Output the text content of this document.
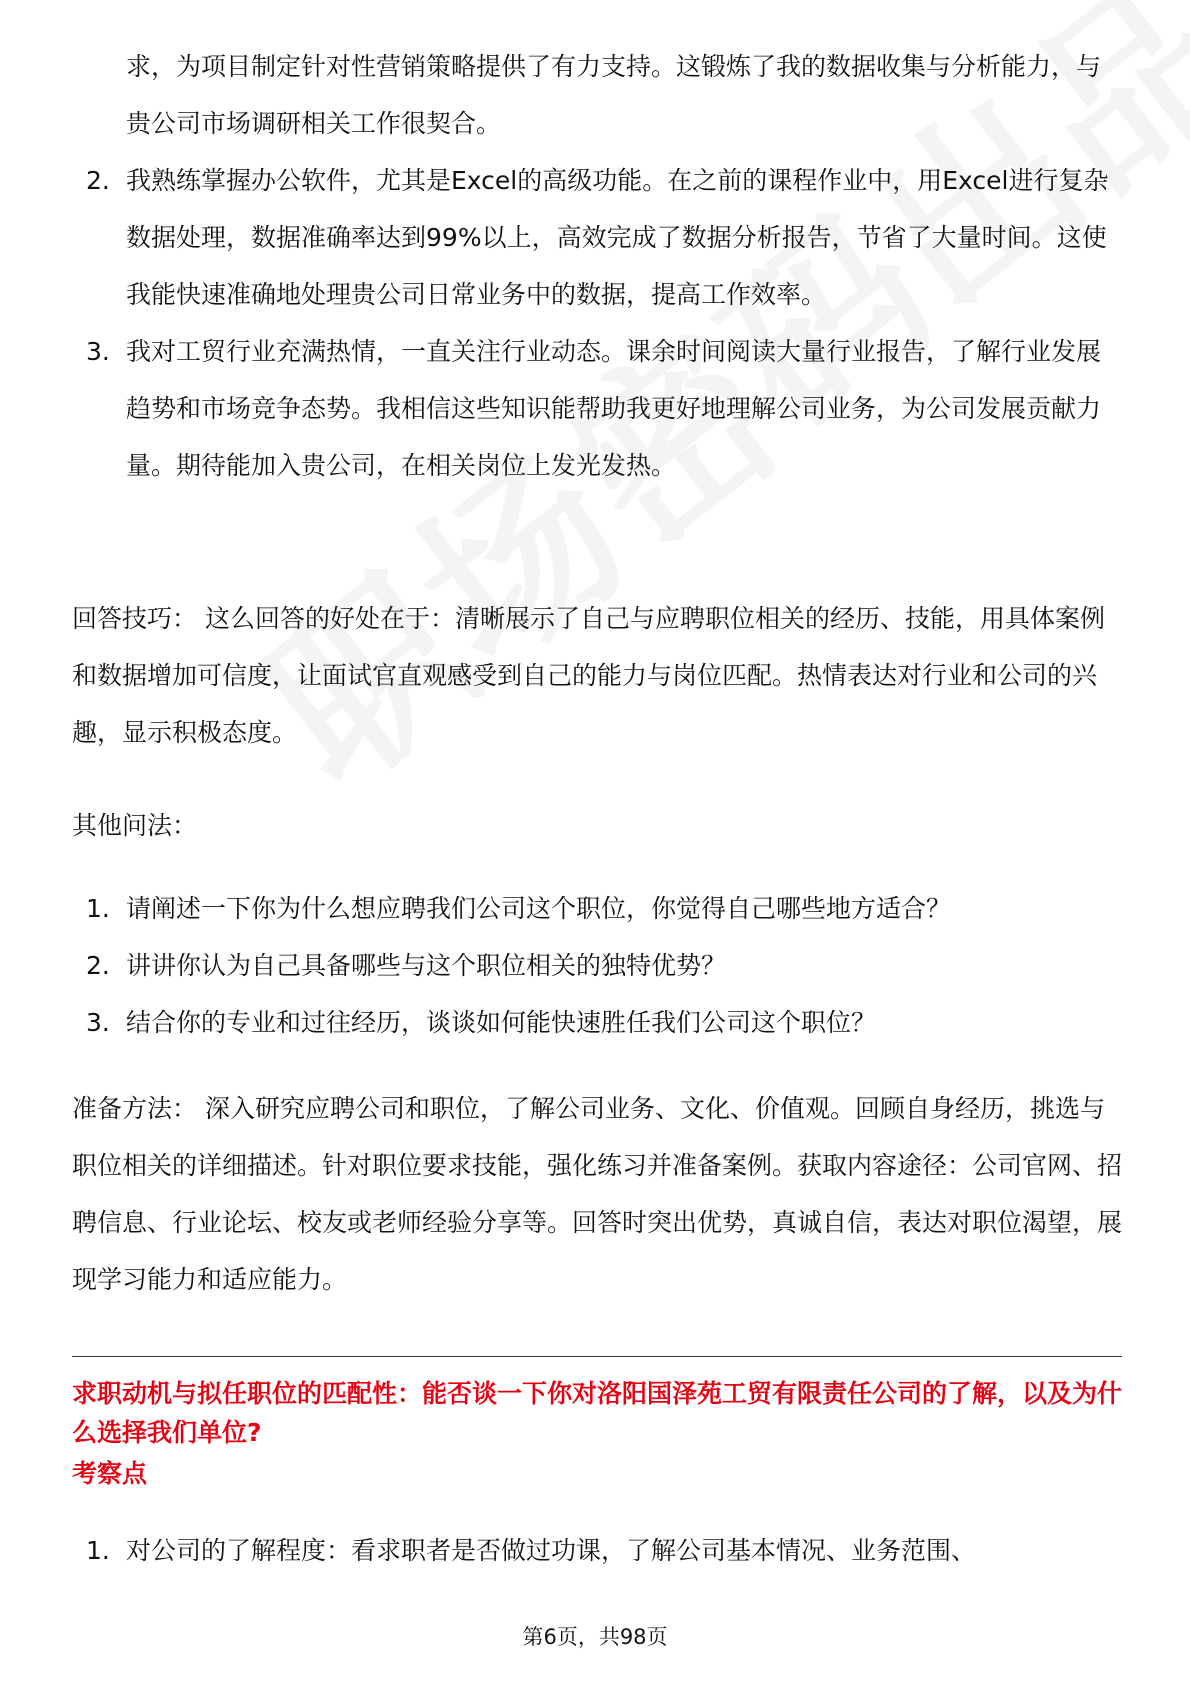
求，为项目制定针对性营销策略提供了有力支持。这锻炼了我的数据收集与分析能力，与贵公司市场调研相关工作很契合。
2. 我熟练掌握办公软件，尤其是Excel的高级功能。在之前的课程作业中，用Excel进行复杂数据处理，数据准确率达到99%以上，高效完成了数据分析报告，节省了大量时间。这使我能快速准确地处理贵公司日常业务中的数据，提高工作效率。
3. 我对工贸行业充满热情，一直关注行业动态。课余时间阅读大量行业报告，了解行业发展趋势和市场竞争态势。我相信这些知识能帮助我更好地理解公司业务，为公司发展贡献力量。期待能加入贵公司，在相关岗位上发光发热。

回答技巧： 这么回答的好处在于：清晰展示了自己与应聘职位相关的经历、技能，用具体案例和数据增加可信度，让面试官直观感受到自己的能力与岗位匹配。热情表达对行业和公司的兴趣，显示积极态度。

其他问法：

1. 请阐述一下你为什么想应聘我们公司这个职位，你觉得自己哪些地方适合？
2. 讲讲你认为自己具备哪些与这个职位相关的独特优势？
3. 结合你的专业和过往经历，谈谈如何能快速胜任我们公司这个职位？

准备方法： 深入研究应聘公司和职位，了解公司业务、文化、价值观。回顾自身经历，挑选与职位相关的详细描述。针对职位要求技能，强化练习并准备案例。获取内容途径：公司官网、招聘信息、行业论坛、校友或老师经验分享等。回答时突出优势，真诚自信，表达对职位渴望，展现学习能力和适应能力。

求职动机与拟任职位的匹配性：能否谈一下你对洛阳国泽苑工贸有限责任公司的了解，以及为什么选择我们单位?

考察点

1. 对公司的了解程度：看求职者是否做过功课，了解公司基本情况、业务范围、
第6页，共98页
